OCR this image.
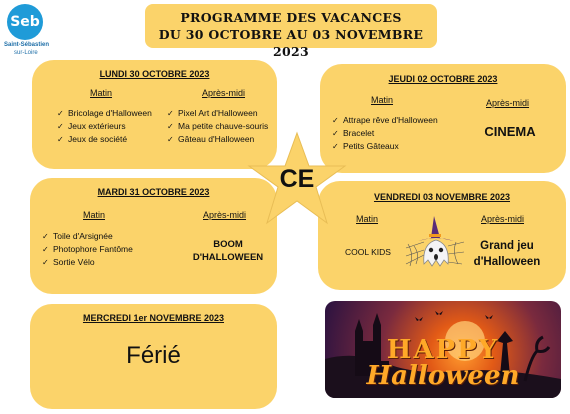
Seb
Saint-Sébastien
sur-Loire
PROGRAMME DES VACANCES
DU 30 OCTOBRE AU 03 NOVEMBRE 2023
LUNDI 30 OCTOBRE 2023
Matin	Après-midi
✓ Bricolage d'Halloween
✓ Jeux extérieurs
✓ Jeux de société
✓ Pixel Art d'Halloween
✓ Ma petite chauve-souris
✓ Gâteau d'Halloween
JEUDI 02 OCTOBRE 2023
Matin	Après-midi
✓ Attrape rêve d'Halloween
✓ Bracelet
✓ Petits Gâteaux
CINEMA
MARDI 31 OCTOBRE 2023
Matin	Après-midi
✓ Toile d'Arsignée
✓ Photophore Fantôme
✓ Sortie Vélo
BOOM
D'HALLOWEEN
VENDREDI 03 NOVEMBRE 2023
Matin	Après-midi
COOL KIDS	Grand jeu
d'Halloween
MERCREDI 1er NOVEMBRE 2023
Férié
CE
HAPPY
Halloween
